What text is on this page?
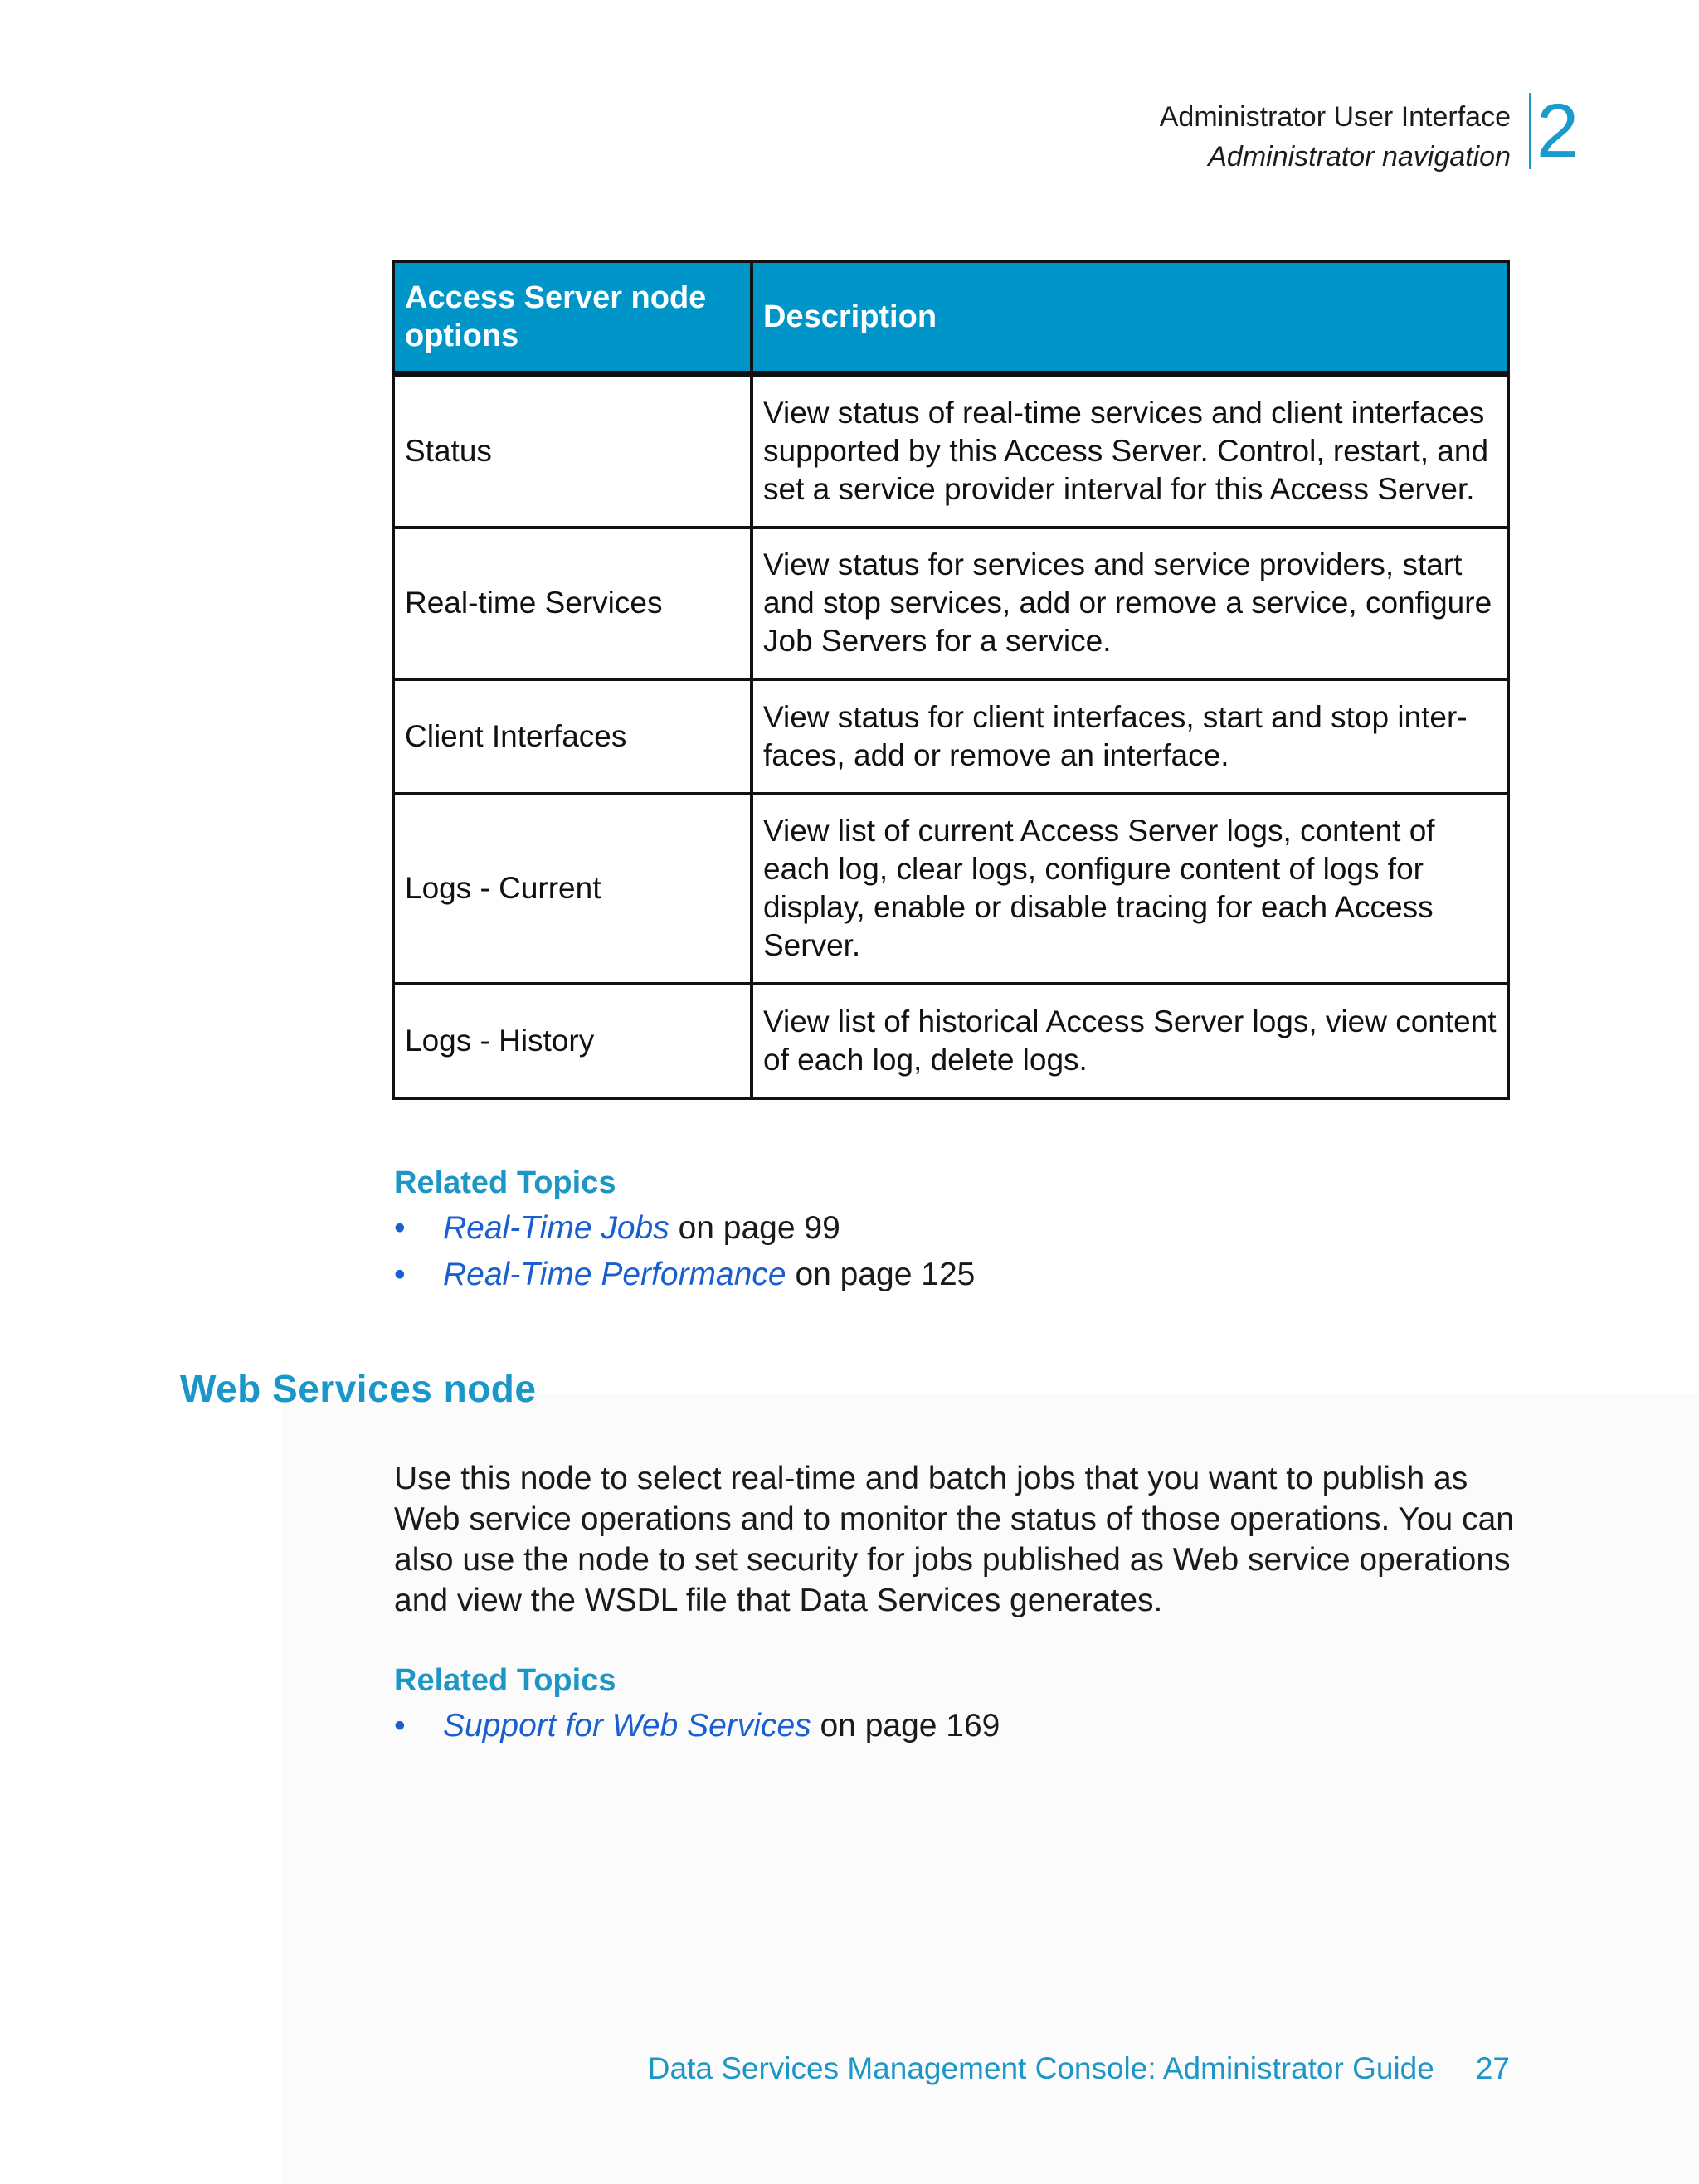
Administrator User Interface
Administrator navigation 2
Access Server node options	Description
Status	View status of real-time services and client interfaces supported by this Access Server. Control, restart, and set a service provider interval for this Access Server.
Real-time Services	View status for services and service providers, start and stop services, add or remove a service, configure Job Servers for a service.
Client Interfaces	View status for client interfaces, start and stop inter-faces, add or remove an interface.
Logs - Current	View list of current Access Server logs, content of each log, clear logs, configure content of logs for display, enable or disable tracing for each Access Server.
Logs - History	View list of historical Access Server logs, view content of each log, delete logs.
Related Topics
• Real-Time Jobs on page 99
• Real-Time Performance on page 125
Web Services node

Use this node to select real-time and batch jobs that you want to publish as Web service operations and to monitor the status of those operations. You can also use the node to set security for jobs published as Web service operations and view the WSDL file that Data Services generates.

Related Topics
• Support for Web Services on page 169
Data Services Management Console: Administrator Guide 27
